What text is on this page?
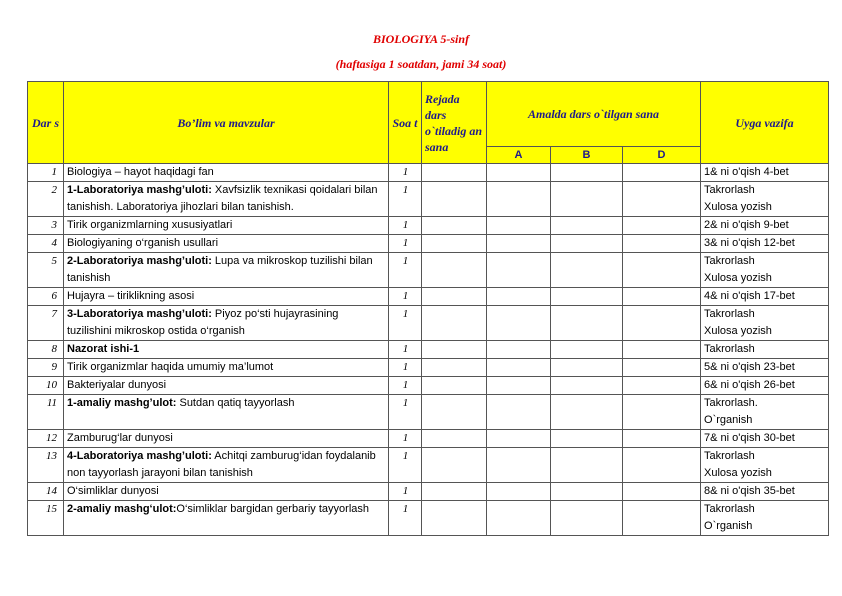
BIOLOGIYA 5-sinf
(haftasiga 1 soatdan, jami 34 soat)
Dar s	Bo’lim va mavzular	Soa t	Rejada dars o`tiladig an sana	Amalda dars o`tilgan sana			Uyga vazifa
				A	B	D	
1	Biologiya – hayot haqidagi fan	1					1& ni o'qish 4-bet

2	1-Laboratoriya mashg’uloti: Xavfsizlik texnikasi qoidalari bilan tanishish. Laboratoriya jihozlari bilan tanishish.	1					Takrorlash
Xulosa yozish

3	Tirik organizmlarning xususiyatlari	1					2& ni o'qish 9-bet

4	Biologiyaning o‘rganish usullari	1					3& ni o'qish 12-bet

5	2-Laboratoriya mashg’uloti: Lupa va mikroskop tuzilishi bilan tanishish	1					Takrorlash
Xulosa yozish

6	Hujayra – tiriklikning asosi	1					4& ni o'qish 17-bet

7	3-Laboratoriya mashg’uloti: Piyoz po‘sti hujayrasining tuzilishini mikroskop ostida o‘rganish	1					Takrorlash
Xulosa yozish

8	Nazorat ishi-1	1					Takrorlash

9	Tirik organizmlar haqida umumiy ma’lumot	1					5& ni o'qish 23-bet

10	Bakteriyalar dunyosi	1					6& ni o'qish 26-bet

11	1-amaliy mashg’ulot: Sutdan qatiq tayyorlash	1					Takrorlash.
O`rganish

12	Zamburug‘lar dunyosi	1					7& ni o'qish 30-bet

13	4-Laboratoriya mashg’uloti: Achitqi zamburug‘idan foydalanib non tayyorlash jarayoni bilan tanishish	1					Takrorlash
Xulosa yozish

14	O‘simliklar dunyosi	1					8& ni o'qish 35-bet

15	2-amaliy mashg‘ulot:O‘simliklar bargidan gerbariy tayyorlash	1					Takrorlash
O`rganish
